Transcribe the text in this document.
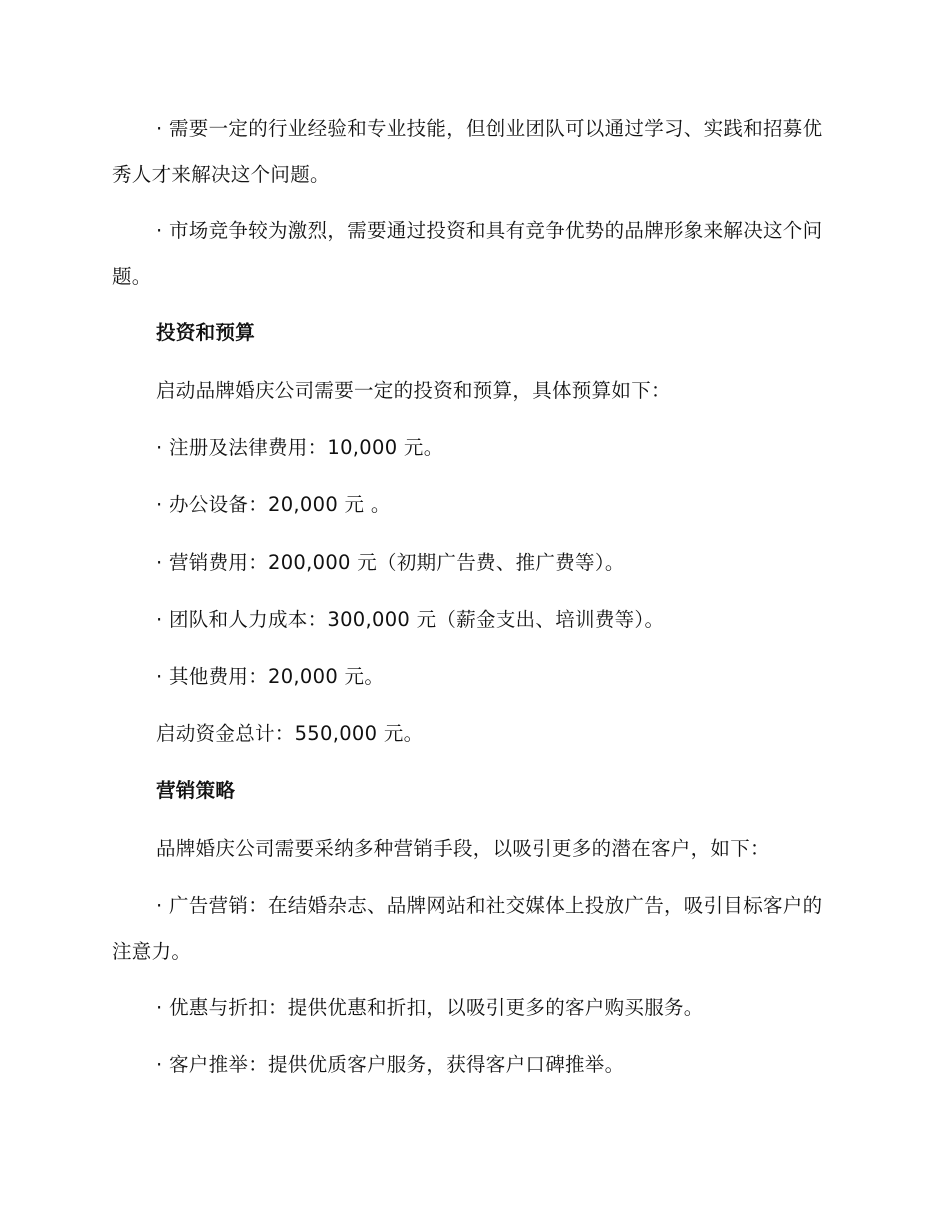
· 需要一定的行业经验和专业技能，但创业团队可以通过学习、实践和招募优秀人才来解决这个问题。

· 市场竞争较为激烈，需要通过投资和具有竞争优势的品牌形象来解决这个问题。

投资和预算

启动品牌婚庆公司需要一定的投资和预算，具体预算如下：

· 注册及法律费用：10,000 元。

· 办公设备：20,000 元 。

· 营销费用：200,000 元（初期广告费、推广费等）。

· 团队和人力成本：300,000 元（薪金支出、培训费等）。

· 其他费用：20,000 元。

启动资金总计：550,000 元。

营销策略

品牌婚庆公司需要采纳多种营销手段，以吸引更多的潜在客户，如下：

· 广告营销：在结婚杂志、品牌网站和社交媒体上投放广告，吸引目标客户的注意力。

· 优惠与折扣：提供优惠和折扣，以吸引更多的客户购买服务。

· 客户推举：提供优质客户服务，获得客户口碑推举。
